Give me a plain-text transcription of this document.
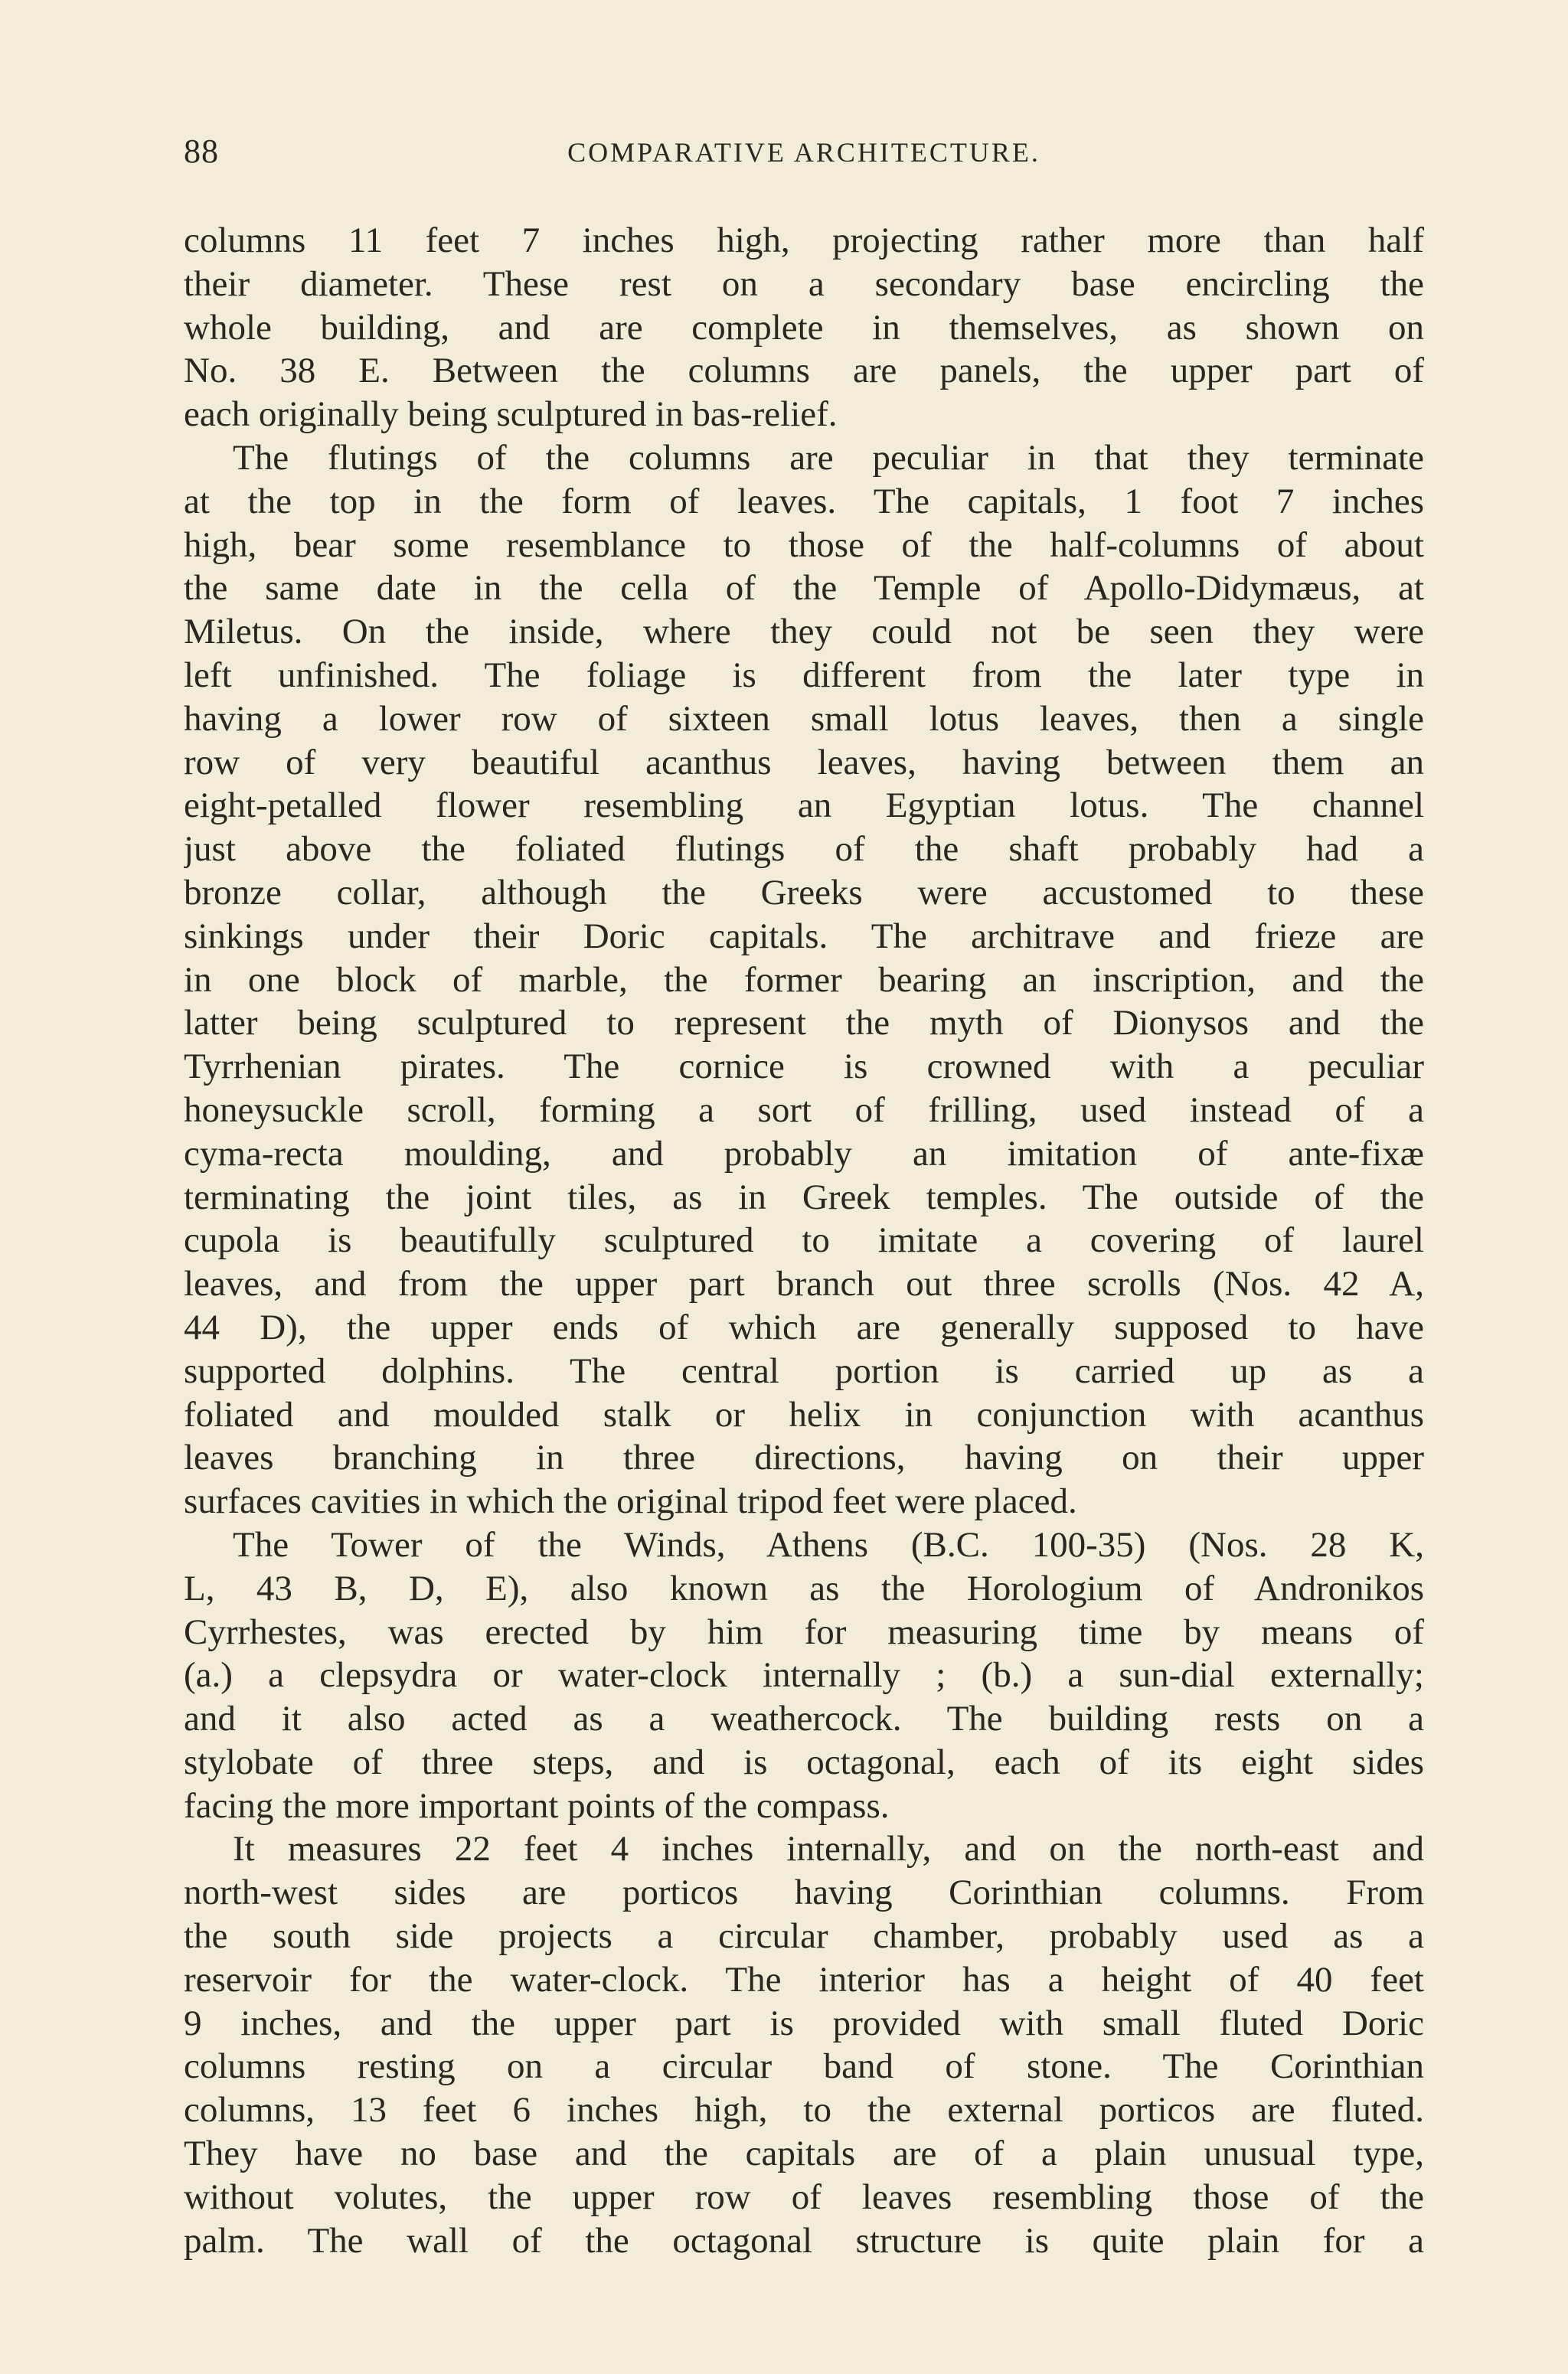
88	COMPARATIVE ARCHITECTURE.
columns 11 feet 7 inches high, projecting rather more than half
their diameter. These rest on a secondary base encircling the
whole building, and are complete in themselves, as shown on
No. 38 E. Between the columns are panels, the upper part of
each originally being sculptured in bas-relief.
The flutings of the columns are peculiar in that they terminate
at the top in the form of leaves. The capitals, 1 foot 7 inches
high, bear some resemblance to those of the half-columns of about
the same date in the cella of the Temple of Apollo-Didymæus, at
Miletus. On the inside, where they could not be seen they were
left unfinished. The foliage is different from the later type in
having a lower row of sixteen small lotus leaves, then a single
row of very beautiful acanthus leaves, having between them an
eight-petalled flower resembling an Egyptian lotus. The channel
just above the foliated flutings of the shaft probably had a
bronze collar, although the Greeks were accustomed to these
sinkings under their Doric capitals. The architrave and frieze are
in one block of marble, the former bearing an inscription, and the
latter being sculptured to represent the myth of Dionysos and the
Tyrrhenian pirates. The cornice is crowned with a peculiar
honeysuckle scroll, forming a sort of frilling, used instead of a
cyma-recta moulding, and probably an imitation of ante-fixæ
terminating the joint tiles, as in Greek temples. The outside of the
cupola is beautifully sculptured to imitate a covering of laurel
leaves, and from the upper part branch out three scrolls (Nos. 42 A,
44 D), the upper ends of which are generally supposed to have
supported dolphins. The central portion is carried up as a
foliated and moulded stalk or helix in conjunction with acanthus
leaves branching in three directions, having on their upper
surfaces cavities in which the original tripod feet were placed.
The Tower of the Winds, Athens (B.C. 100-35) (Nos. 28 K,
L, 43 B, D, E), also known as the Horologium of Andronikos
Cyrrhestes, was erected by him for measuring time by means of
(a.) a clepsydra or water-clock internally ; (b.) a sun-dial externally;
and it also acted as a weathercock. The building rests on a
stylobate of three steps, and is octagonal, each of its eight sides
facing the more important points of the compass.
It measures 22 feet 4 inches internally, and on the north-east and
north-west sides are porticos having Corinthian columns. From
the south side projects a circular chamber, probably used as a
reservoir for the water-clock. The interior has a height of 40 feet
9 inches, and the upper part is provided with small fluted Doric
columns resting on a circular band of stone. The Corinthian
columns, 13 feet 6 inches high, to the external porticos are fluted.
They have no base and the capitals are of a plain unusual type,
without volutes, the upper row of leaves resembling those of the
palm. The wall of the octagonal structure is quite plain for a
